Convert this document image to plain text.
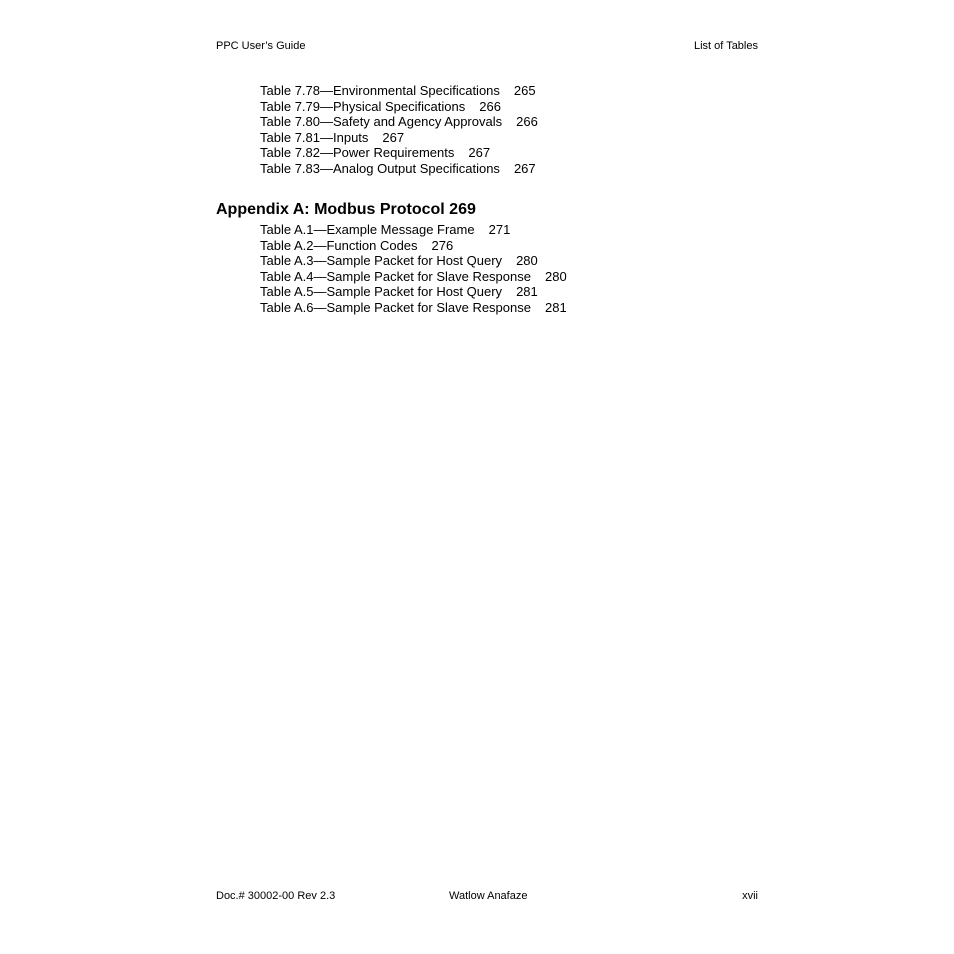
PPC User’s Guide	List of Tables
Table 7.78—Environmental Specifications 265
Table 7.79—Physical Specifications 266
Table 7.80—Safety and Agency Approvals 266
Table 7.81—Inputs 267
Table 7.82—Power Requirements 267
Table 7.83—Analog Output Specifications 267
Appendix A: Modbus Protocol 269
Table A.1—Example Message Frame 271
Table A.2—Function Codes 276
Table A.3—Sample Packet for Host Query 280
Table A.4—Sample Packet for Slave Response 280
Table A.5—Sample Packet for Host Query 281
Table A.6—Sample Packet for Slave Response 281
Doc.# 30002-00 Rev 2.3	Watlow Anafaze	xvii
